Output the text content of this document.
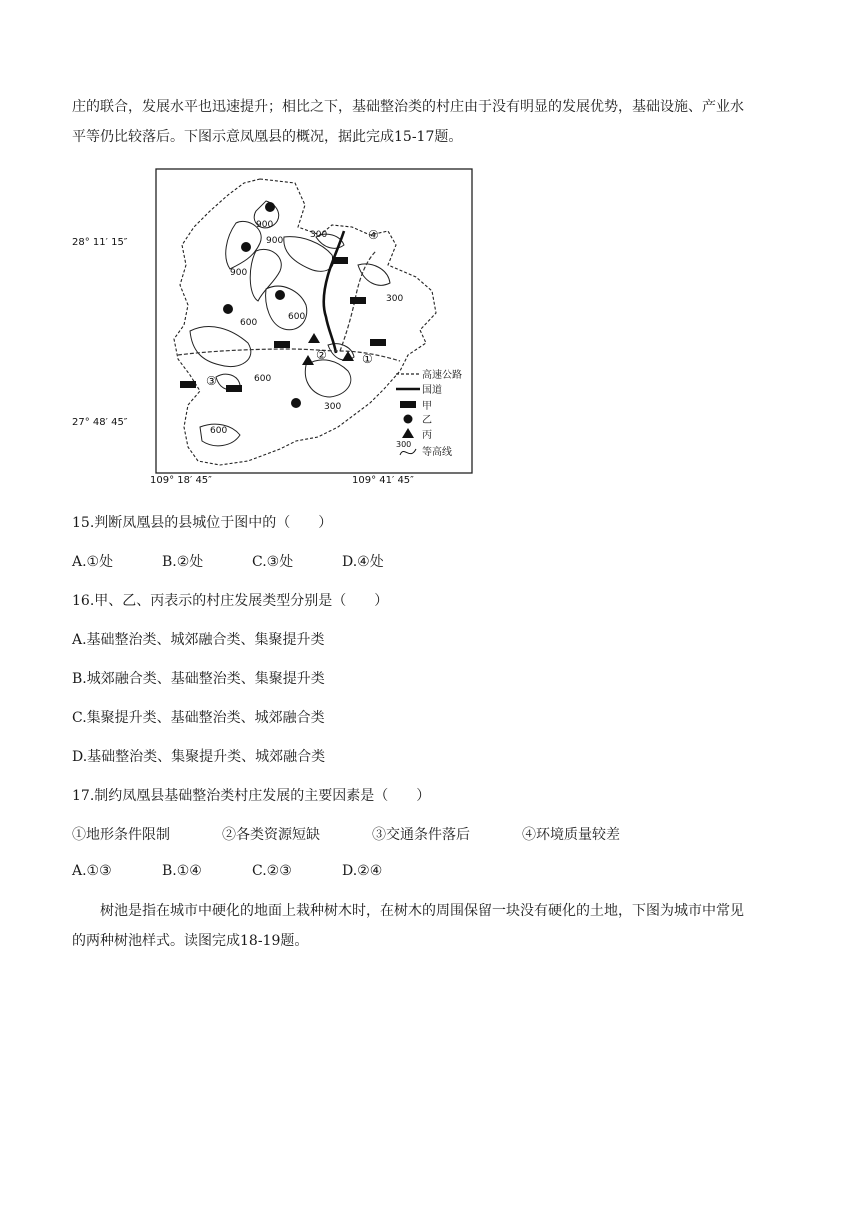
庄的联合，发展水平也迅速提升；相比之下，基础整治类的村庄由于没有明显的发展优势，基础设施、产业水

平等仍比较落后。下图示意凤凰县的概况，据此完成15-17题。

28° 11′ 15″
27° 48′ 45″
109° 18′ 45″	109° 41′ 45″
900
900
900
600
600
600
300
300
300
600
①
②
③
④
高速公路
国道
甲
乙
丙
300
等高线
15.判断凤凰县的县城位于图中的（　　）
A.①处	B.②处	C.③处	D.④处
16.甲、乙、丙表示的村庄发展类型分别是（　　）
A.基础整治类、城郊融合类、集聚提升类
B.城郊融合类、基础整治类、集聚提升类
C.集聚提升类、基础整治类、城郊融合类
D.基础整治类、集聚提升类、城郊融合类
17.制约凤凰县基础整治类村庄发展的主要因素是（　　）
①地形条件限制	②各类资源短缺	③交通条件落后	④环境质量较差
A.①③	B.①④	C.②③	D.②④

树池是指在城市中硬化的地面上栽种树木时，在树木的周围保留一块没有硬化的土地，下图为城市中常见

的两种树池样式。读图完成18-19题。
